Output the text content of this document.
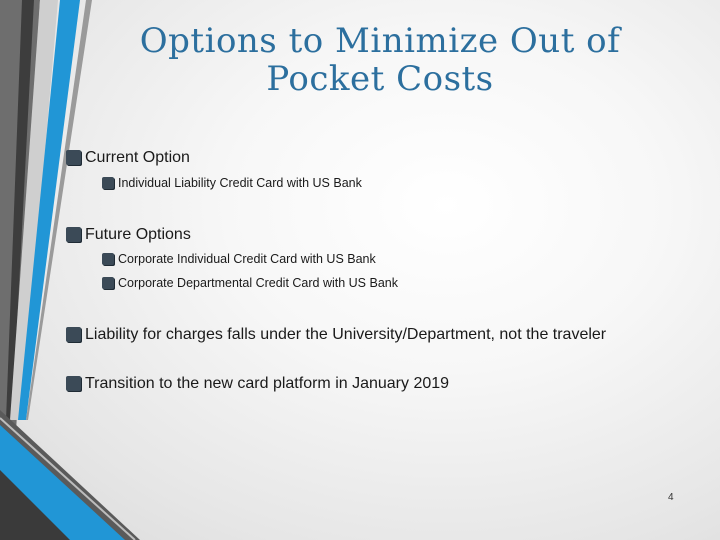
Options to Minimize Out of Pocket Costs
Current Option
Individual Liability Credit Card with US Bank
Future Options
Corporate Individual Credit Card with US Bank
Corporate Departmental Credit Card with US Bank
Liability for charges falls under the University/Department, not the traveler
Transition to the new card platform in January 2019
4
